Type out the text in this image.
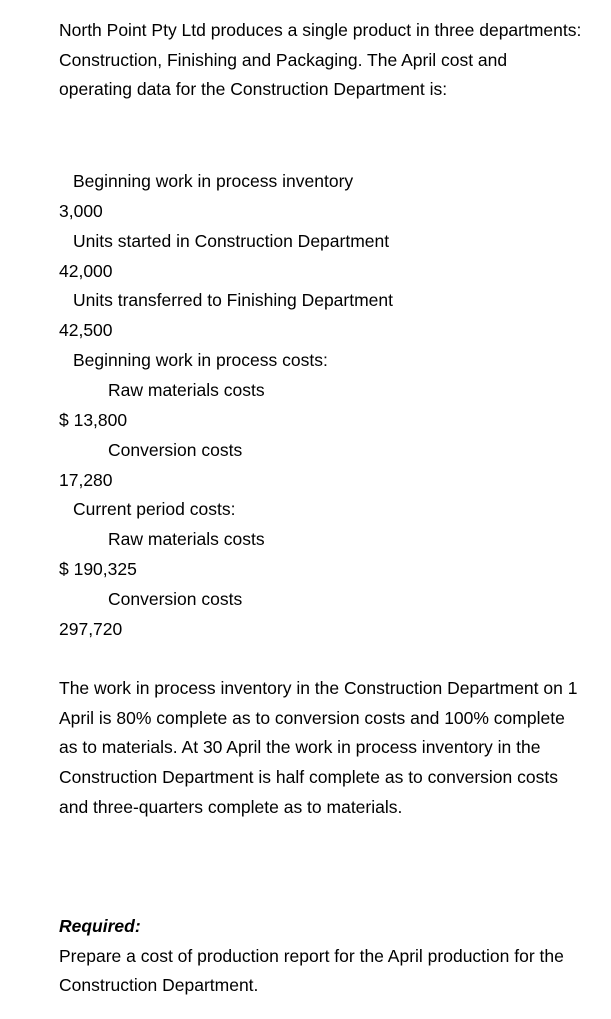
North Point Pty Ltd produces a single product in three departments: Construction, Finishing and Packaging. The April cost and operating data for the Construction Department is:

Beginning work in process inventory
3,000
Units started in Construction Department
42,000
Units transferred to Finishing Department
42,500
Beginning work in process costs:
Raw materials costs
$ 13,800
Conversion costs
17,280
Current period costs:
Raw materials costs
$ 190,325
Conversion costs
297,720

The work in process inventory in the Construction Department on 1 April is 80% complete as to conversion costs and 100% complete as to materials. At 30 April the work in process inventory in the Construction Department is half complete as to conversion costs and three-quarters complete as to materials.

Required:
Prepare a cost of production report for the April production for the Construction Department.
